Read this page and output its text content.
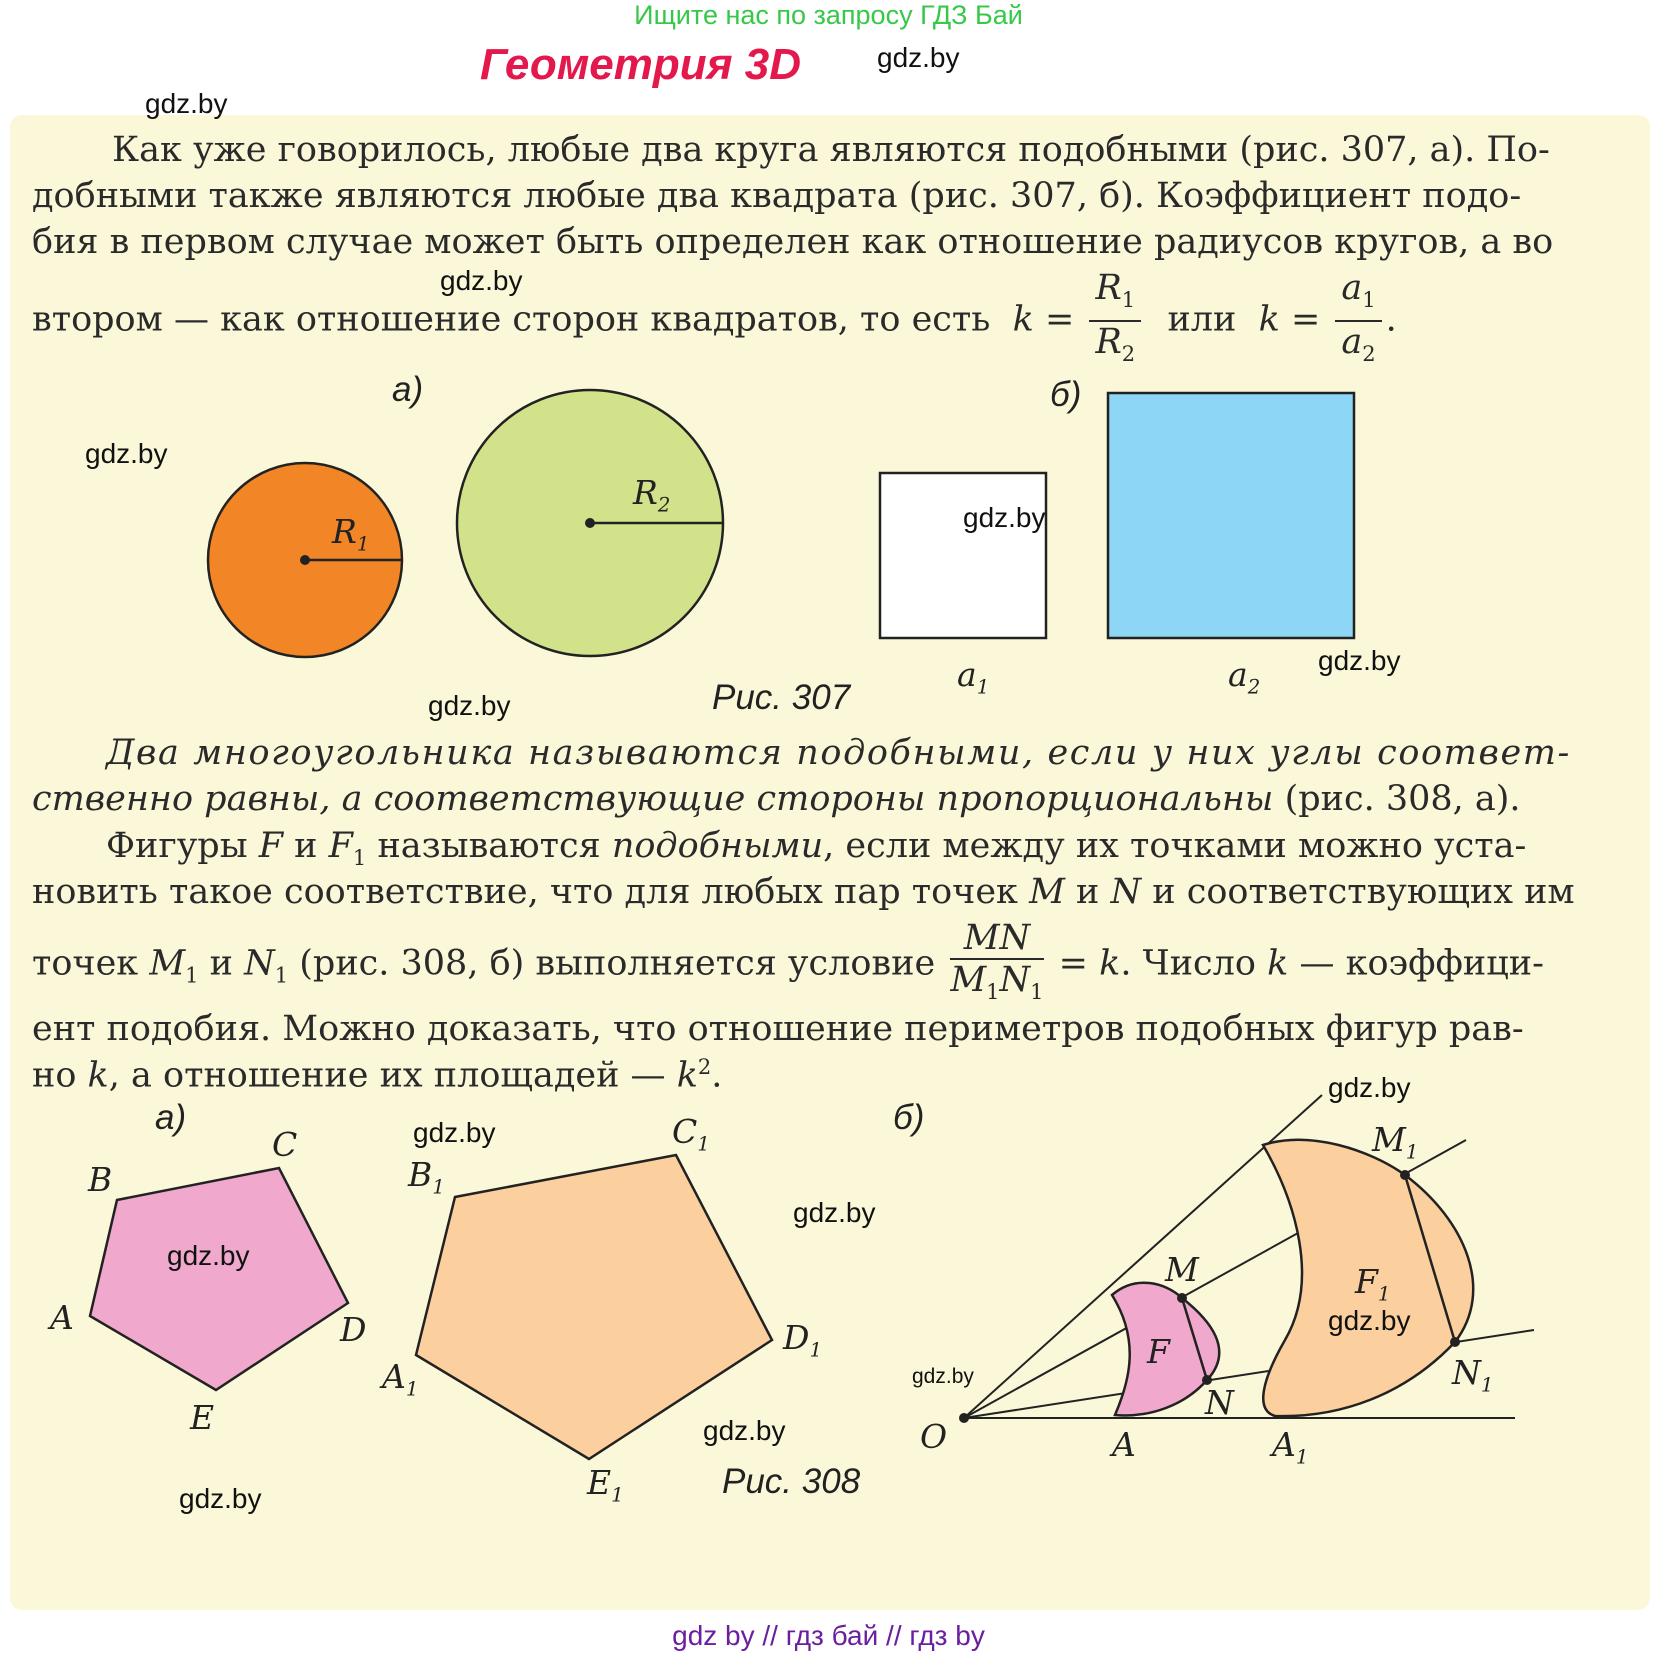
Ищите нас по запросу ГДЗ Бай
Геометрия 3D	gdz.by
gdz.by
Как уже говорилось, любые два круга являются подобными (рис. 307, а). По-
добными также являются любые два квадрата (рис. 307, б). Коэффициент подо-
бия в первом случае может быть определен как отношение радиусов кругов, а во
gdz.by
втором — как отношение сторон квадратов, то есть $k = \frac{R_1}{R_2}$ или $k = \frac{a_1}{a_2}$ .
а)	б)
gdz.by
$R_1$
$R_2$	gdz.by
$a_1$	$a_2$
gdz.by
Рис. 307
gdz.by
Два многоугольника называются подобными, если у них углы соответ-
ственно равны, а соответствующие стороны пропорциональны (рис. 308, а).
Фигуры F и $F_1$ называются подобными, если между их точками можно уста-
новить такое соответствие, что для любых пар точек M и N и соответствующих им
точек $M_1$ и $N_1$ (рис. 308, б) выполняется условие $\frac{MN}{M_1N_1} = k$. Число k — коэффици-
ент подобия. Можно доказать, что отношение периметров подобных фигур рав-
но k, а отношение их площадей — $k^2$.
а)	б)
gdz.by
gdz.by
gdz.by
gdz.by
gdz.by
gdz.by
gdz.by
gdz.by
A
B
C
D
E
$A_1$
$B_1$
$C_1$
$D_1$
$E_1$	Рис. 308
O
M
N
$M_1$
$N_1$
A	$A_1$
F
$F_1$
gdz by // гдз бай // гдз by
